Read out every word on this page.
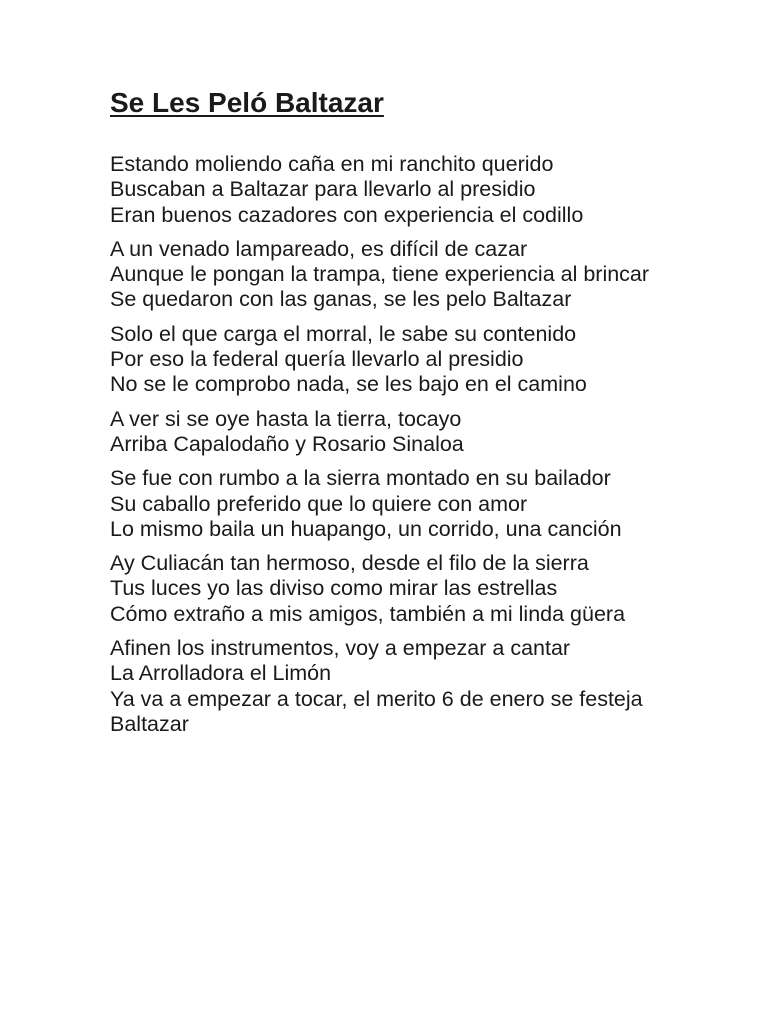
Se Les Peló Baltazar

Estando moliendo caña en mi ranchito querido
Buscaban a Baltazar para llevarlo al presidio
Eran buenos cazadores con experiencia el codillo

A un venado lampareado, es difícil de cazar
Aunque le pongan la trampa, tiene experiencia al brincar
Se quedaron con las ganas, se les pelo Baltazar

Solo el que carga el morral, le sabe su contenido
Por eso la federal quería llevarlo al presidio
No se le comprobo nada, se les bajo en el camino

A ver si se oye hasta la tierra, tocayo
Arriba Capalodaño y Rosario Sinaloa

Se fue con rumbo a la sierra montado en su bailador
Su caballo preferido que lo quiere con amor
Lo mismo baila un huapango, un corrido, una canción

Ay Culiacán tan hermoso, desde el filo de la sierra
Tus luces yo las diviso como mirar las estrellas
Cómo extraño a mis amigos, también a mi linda güera

Afinen los instrumentos, voy a empezar a cantar
La Arrolladora el Limón
Ya va a empezar a tocar, el merito 6 de enero se festeja Baltazar
